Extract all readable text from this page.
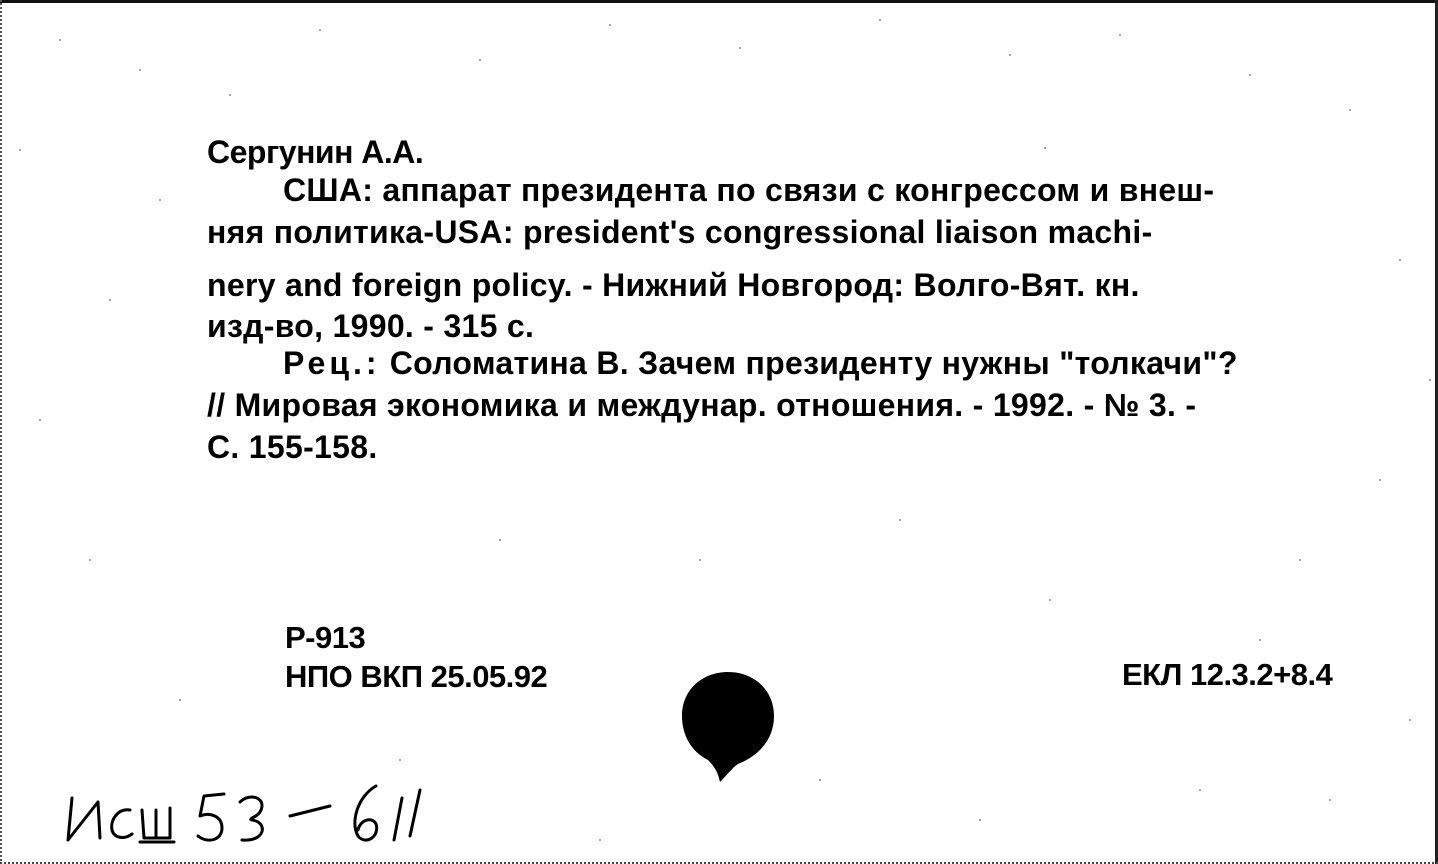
Сергунин А.А.
США: аппарат президента по связи с конгрессом и внеш-
няя политика-USA: president's congressional liaison machi-
nery and foreign policy. - Нижний Новгород: Волго-Вят. кн.
изд-во, 1990. - 315 с.
Рец.: Соломатина В. Зачем президенту нужны "толкачи"?
// Мировая экономика и междунар. отношения. - 1992. - № 3. -
С. 155-158.
Р-913
НПО ВКП 25.05.92	ЕКЛ 12.3.2+8.4
